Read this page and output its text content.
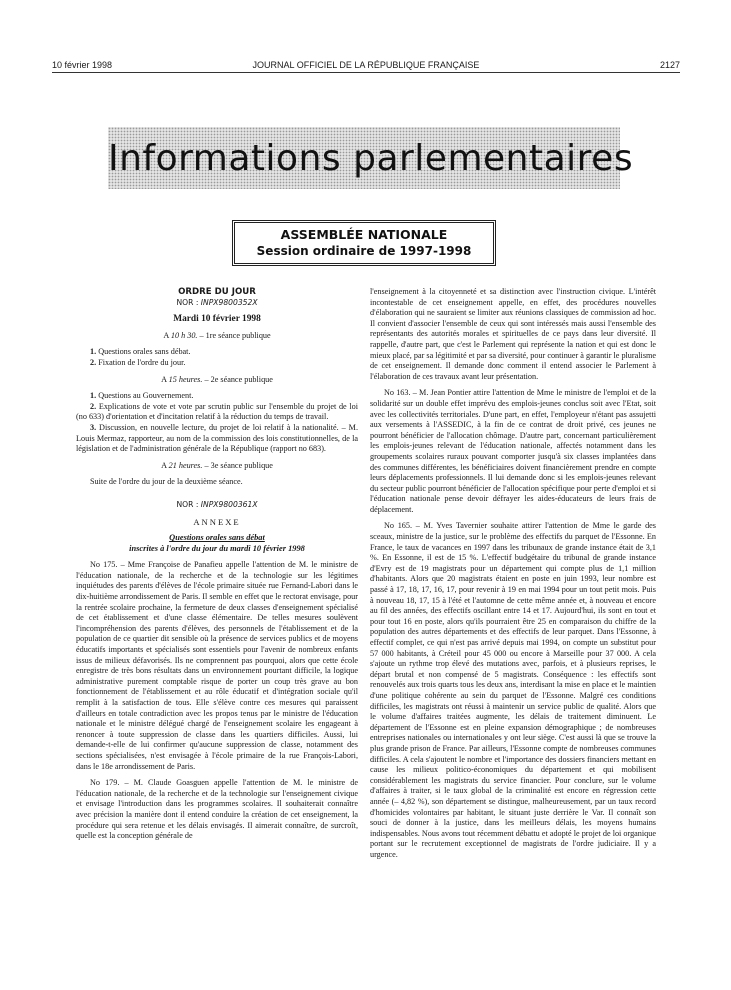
10 février 1998	JOURNAL OFFICIEL DE LA RÉPUBLIQUE FRANÇAISE	2127
Informations parlementaires
ASSEMBLÉE NATIONALE
Session ordinaire de 1997-1998

ORDRE DU JOUR

NOR : INPX9800352X

Mardi 10 février 1998

A 10 h 30. – 1re séance publique

1. Questions orales sans débat.

2. Fixation de l'ordre du jour.

A 15 heures. – 2e séance publique

1. Questions au Gouvernement.

2. Explications de vote et vote par scrutin public sur l'ensemble du projet de loi (no 633) d'orientation et d'incitation relatif à la réduction du temps de travail.

3. Discussion, en nouvelle lecture, du projet de loi relatif à la nationalité. – M. Louis Mermaz, rapporteur, au nom de la commission des lois constitutionnelles, de la législation et de l'administration générale de la République (rapport no 683).

A 21 heures. – 3e séance publique

Suite de l'ordre du jour de la deuxième séance.

NOR : INPX9800361X

ANNEXE

Questions orales sans débat

inscrites à l'ordre du jour du mardi 10 février 1998

No 175. – Mme Françoise de Panafieu appelle l'attention de M. le ministre de l'éducation nationale, de la recherche et de la technologie sur les légitimes inquiétudes des parents d'élèves de l'école primaire située rue Fernand-Labori dans le dix-huitième arrondissement de Paris. Il semble en effet que le rectorat envisage, pour la rentrée scolaire prochaine, la fermeture de deux classes d'enseignement spécialisé de cet établissement et d'une classe élémentaire. De telles mesures soulèvent l'incompréhension des parents d'élèves, des personnels de l'établissement et de la population de ce quartier dit sensible où la présence de services publics et de moyens éducatifs importants et spécialisés sont essentiels pour l'avenir de nombreux enfants issus de milieux défavorisés. Ils ne comprennent pas pourquoi, alors que cette école enregistre de très bons résultats dans un environnement pourtant difficile, la logique administrative purement comptable risque de porter un coup très grave au bon fonctionnement de l'établissement et au rôle éducatif et d'intégration sociale qu'il remplit à la satisfaction de tous. Elle s'élève contre ces mesures qui paraissent d'ailleurs en totale contradiction avec les propos tenus par le ministre de l'éducation nationale et le ministre délégué chargé de l'enseignement scolaire les engageant à renoncer à toute suppression de classe dans les quartiers difficiles. Aussi, lui demande-t-elle de lui confirmer qu'aucune suppression de classe, notamment des sections spécialisées, n'est envisagée à l'école primaire de la rue François-Labori, dans le 18e arrondissement de Paris.

No 179. – M. Claude Goasguen appelle l'attention de M. le ministre de l'éducation nationale, de la recherche et de la technologie sur l'enseignement civique et envisage l'introduction dans les programmes scolaires. Il souhaiterait connaître avec précision la manière dont il entend conduire la création de cet enseignement, la procédure qui sera retenue et les délais envisagés. Il aimerait connaître, de surcroît, quelle est la conception générale de

l'enseignement à la citoyenneté et sa distinction avec l'instruction civique. L'intérêt incontestable de cet enseignement appelle, en effet, des procédures nouvelles d'élaboration qui ne sauraient se limiter aux réunions classiques de commission ad hoc. Il convient d'associer l'ensemble de ceux qui sont intéressés mais aussi l'ensemble des représentants des autorités morales et spirituelles de ce pays dans leur diversité. Il rappelle, d'autre part, que c'est le Parlement qui représente la nation et qui est donc le mieux placé, par sa légitimité et par sa diversité, pour continuer à garantir le pluralisme de cet enseignement. Il demande donc comment il entend associer le Parlement à l'élaboration de ces travaux avant leur présentation.

No 163. – M. Jean Pontier attire l'attention de Mme le ministre de l'emploi et de la solidarité sur un double effet imprévu des emplois-jeunes conclus soit avec l'Etat, soit avec les collectivités territoriales. D'une part, en effet, l'employeur n'étant pas assujetti aux versements à l'ASSEDIC, à la fin de ce contrat de droit privé, ces jeunes ne pourront bénéficier de l'allocation chômage. D'autre part, concernant particulièrement les emplois-jeunes relevant de l'éducation nationale, affectés notamment dans les groupements scolaires ruraux pouvant comporter jusqu'à six classes implantées dans des communes différentes, les bénéficiaires doivent financièrement prendre en compte leurs déplacements professionnels. Il lui demande donc si les emplois-jeunes relevant du secteur public pourront bénéficier de l'allocation spécifique pour perte d'emploi et si l'éducation nationale pense devoir défrayer les aides-éducateurs de leurs frais de déplacement.

No 165. – M. Yves Tavernier souhaite attirer l'attention de Mme le garde des sceaux, ministre de la justice, sur le problème des effectifs du parquet de l'Essonne. En France, le taux de vacances en 1997 dans les tribunaux de grande instance était de 3,1 %. En Essonne, il est de 15 %. L'effectif budgétaire du tribunal de grande instance d'Evry est de 19 magistrats pour un département qui compte plus de 1,1 million d'habitants. Alors que 20 magistrats étaient en poste en juin 1993, leur nombre est passé à 17, 18, 17, 16, 17, pour revenir à 19 en mai 1994 pour un tout petit mois. Puis à nouveau 18, 17, 15 à l'été et l'automne de cette même année et, à nouveau et encore au fil des années, des effectifs oscillant entre 14 et 17. Aujourd'hui, ils sont en tout et pour tout 16 en poste, alors qu'ils pourraient être 25 en comparaison du chiffre de la population des autres départements et des effectifs de leur parquet. Dans l'Essonne, à effectif complet, ce qui n'est pas arrivé depuis mai 1994, on compte un substitut pour 57 000 habitants, à Créteil pour 45 000 ou encore à Marseille pour 37 000. A cela s'ajoute un rythme trop élevé des mutations avec, parfois, et à plusieurs reprises, le départ brutal et non compensé de 5 magistrats. Conséquence : les effectifs sont renouvelés aux trois quarts tous les deux ans, interdisant la mise en place et le maintien d'une politique cohérente au sein du parquet de l'Essonne. Malgré ces conditions difficiles, les magistrats ont réussi à maintenir un service public de qualité. Alors que le volume d'affaires traitées augmente, les délais de traitement diminuent. Le département de l'Essonne est en pleine expansion démographique ; de nombreuses entreprises nationales ou internationales y ont leur siège. C'est aussi là que se trouve la plus grande prison de France. Par ailleurs, l'Essonne compte de nombreuses communes difficiles. A cela s'ajoutent le nombre et l'importance des dossiers financiers mettant en cause les milieux politico-économiques du département et qui mobilisent considérablement les magistrats du service financier. Pour conclure, sur le volume d'affaires à traiter, si le taux global de la criminalité est encore en régression cette année (– 4,82 %), son département se distingue, malheureusement, par un taux record d'homicides volontaires par habitant, le situant juste derrière le Var. Il connaît son souci de donner à la justice, dans les meilleurs délais, les moyens humains indispensables. Nous avons tout récemment débattu et adopté le projet de loi organique portant sur le recrutement exceptionnel de magistrats de l'ordre judiciaire. Il y a urgence.
